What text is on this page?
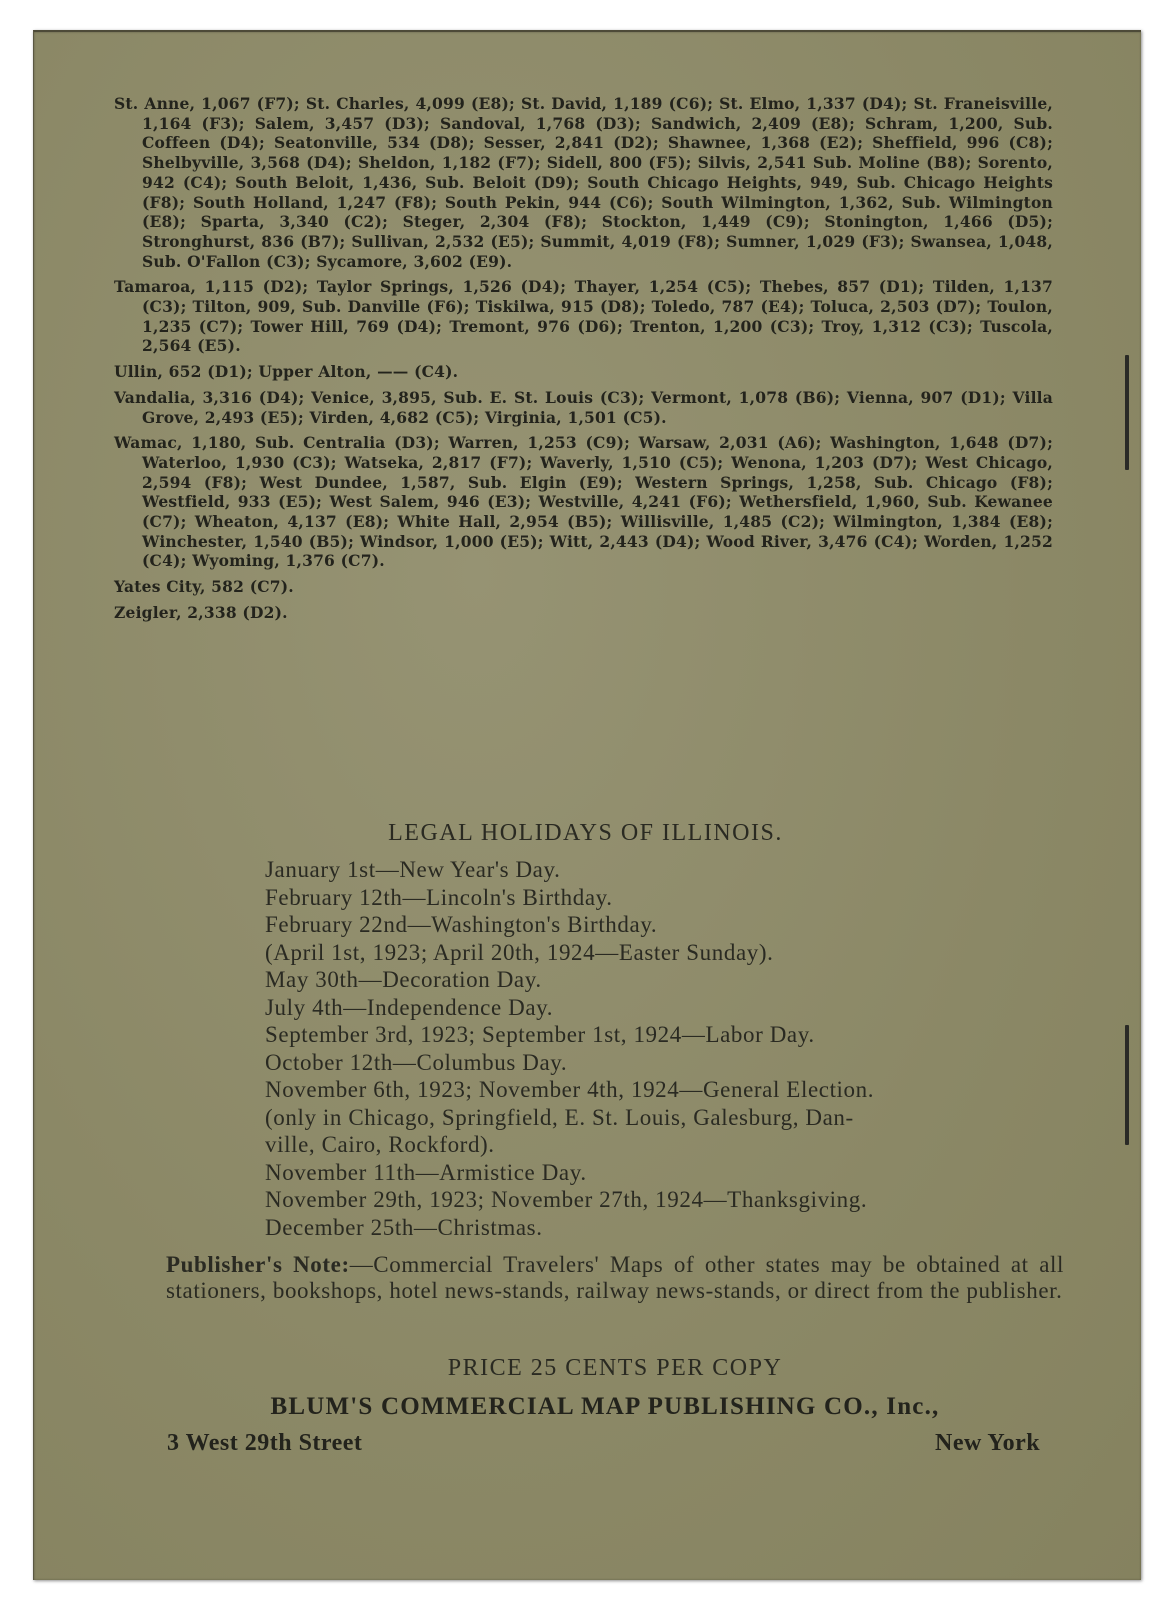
St. Anne, 1,067 (F7); St. Charles, 4,099 (E8); St. David, 1,189 (C6); St. Elmo, 1,337 (D4); St. Franeisville, 1,164 (F3); Salem, 3,457 (D3); Sandoval, 1,768 (D3); Sandwich, 2,409 (E8); Schram, 1,200, Sub. Coffeen (D4); Seatonville, 534 (D8); Sesser, 2,841 (D2); Shawnee, 1,368 (E2); Sheffield, 996 (C8); Shelbyville, 3,568 (D4); Sheldon, 1,182 (F7); Sidell, 800 (F5); Silvis, 2,541 Sub. Moline (B8); Sorento, 942 (C4); South Beloit, 1,436, Sub. Beloit (D9); South Chicago Heights, 949, Sub. Chicago Heights (F8); South Holland, 1,247 (F8); South Pekin, 944 (C6); South Wilmington, 1,362, Sub. Wilmington (E8); Sparta, 3,340 (C2); Steger, 2,304 (F8); Stockton, 1,449 (C9); Stonington, 1,466 (D5); Stronghurst, 836 (B7); Sullivan, 2,532 (E5); Summit, 4,019 (F8); Sumner, 1,029 (F3); Swansea, 1,048, Sub. O'Fallon (C3); Sycamore, 3,602 (E9).

Tamaroa, 1,115 (D2); Taylor Springs, 1,526 (D4); Thayer, 1,254 (C5); Thebes, 857 (D1); Tilden, 1,137 (C3); Tilton, 909, Sub. Danville (F6); Tiskilwa, 915 (D8); Toledo, 787 (E4); Toluca, 2,503 (D7); Toulon, 1,235 (C7); Tower Hill, 769 (D4); Tremont, 976 (D6); Trenton, 1,200 (C3); Troy, 1,312 (C3); Tuscola, 2,564 (E5).

Ullin, 652 (D1); Upper Alton, —— (C4).

Vandalia, 3,316 (D4); Venice, 3,895, Sub. E. St. Louis (C3); Vermont, 1,078 (B6); Vienna, 907 (D1); Villa Grove, 2,493 (E5); Virden, 4,682 (C5); Virginia, 1,501 (C5).

Wamac, 1,180, Sub. Centralia (D3); Warren, 1,253 (C9); Warsaw, 2,031 (A6); Washington, 1,648 (D7); Waterloo, 1,930 (C3); Watseka, 2,817 (F7); Waverly, 1,510 (C5); Wenona, 1,203 (D7); West Chicago, 2,594 (F8); West Dundee, 1,587, Sub. Elgin (E9); Western Springs, 1,258, Sub. Chicago (F8); Westfield, 933 (E5); West Salem, 946 (E3); Westville, 4,241 (F6); Wethersfield, 1,960, Sub. Kewanee (C7); Wheaton, 4,137 (E8); White Hall, 2,954 (B5); Willisville, 1,485 (C2); Wilmington, 1,384 (E8); Winchester, 1,540 (B5); Windsor, 1,000 (E5); Witt, 2,443 (D4); Wood River, 3,476 (C4); Worden, 1,252 (C4); Wyoming, 1,376 (C7).

Yates City, 582 (C7).

Zeigler, 2,338 (D2).

LEGAL HOLIDAYS OF ILLINOIS.
January 1st—New Year's Day.
February 12th—Lincoln's Birthday.
February 22nd—Washington's Birthday.
(April 1st, 1923; April 20th, 1924—Easter Sunday).
May 30th—Decoration Day.
July 4th—Independence Day.
September 3rd, 1923; September 1st, 1924—Labor Day.
October 12th—Columbus Day.
November 6th, 1923; November 4th, 1924—General Election.
(only in Chicago, Springfield, E. St. Louis, Galesburg, Dan-
ville, Cairo, Rockford).
November 11th—Armistice Day.
November 29th, 1923; November 27th, 1924—Thanksgiving.
December 25th—Christmas.
Publisher's Note:—Commercial Travelers' Maps of other states may be obtained at all stationers, bookshops, hotel news-stands, railway news-stands, or direct from the publisher.
PRICE 25 CENTS PER COPY
BLUM'S COMMERCIAL MAP PUBLISHING CO., Inc.,
3 West 29th Street	New York
